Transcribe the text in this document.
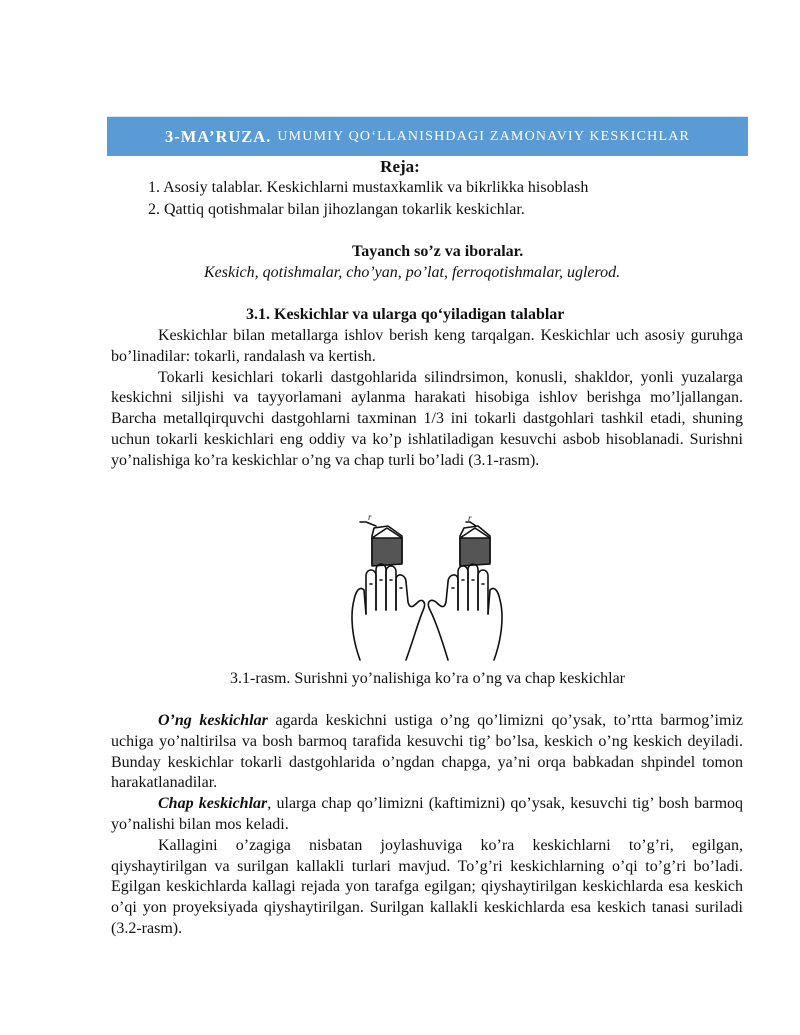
3-MA’RUZA. UMUMIY QO‘LLANISHDAGI ZAMONAVIY KESKICHLAR
Reja:
1. Asosiy talablar. Keskichlarni mustaxkamlik va bikrlikka hisoblash
2. Qattiq qotishmalar bilan jihozlangan tokarlik keskichlar.
Tayanch so’z va iboralar.
Keskich, qotishmalar, cho’yan, po’lat, ferroqotishmalar, uglerod.
3.1. Keskichlar va ularga qo‘yiladigan talablar

Keskichlar bilan metallarga ishlov berish keng tarqalgan. Keskichlar uch asosiy guruhga bo’linadilar: tokarli, randalash va kertish.

Tokarli kesichlari tokarli dastgohlarida silindrsimon, konusli, shakldor, yonli yuzalarga keskichni siljishi va tayyorlamani aylanma harakati hisobiga ishlov berishga mo’ljallangan. Barcha metallqirquvchi dastgohlarni taxminan 1/3 ini tokarli dastgohlari tashkil etadi, shuning uchun tokarli keskichlari eng oddiy va ko’p ishlatiladigan kesuvchi asbob hisoblanadi. Surishni yo’nalishiga ko’ra keskichlar o’ng va chap turli bo’ladi (3.1-rasm).

r	r
3.1-rasm. Surishni yo’nalishiga ko’ra o’ng va chap keskichlar

O’ng keskichlar agarda keskichni ustiga o’ng qo’limizni qo’ysak, to’rtta barmog’imiz uchiga yo’naltirilsa va bosh barmoq tarafida kesuvchi tig’ bo’lsa, keskich o’ng keskich deyiladi. Bunday keskichlar tokarli dastgohlarida o’ngdan chapga, ya’ni orqa babkadan shpindel tomon harakatlanadilar.

Chap keskichlar, ularga chap qo’limizni (kaftimizni) qo’ysak, kesuvchi tig’ bosh barmoq yo’nalishi bilan mos keladi.

Kallagini o’zagiga nisbatan joylashuviga ko’ra keskichlarni to’g’ri, egilgan, qiyshaytirilgan va surilgan kallakli turlari mavjud. To’g’ri keskichlarning o’qi to’g’ri bo’ladi. Egilgan keskichlarda kallagi rejada yon tarafga egilgan; qiyshaytirilgan keskichlarda esa keskich o’qi yon proyeksiyada qiyshaytirilgan. Surilgan kallakli keskichlarda esa keskich tanasi suriladi (3.2-rasm).
